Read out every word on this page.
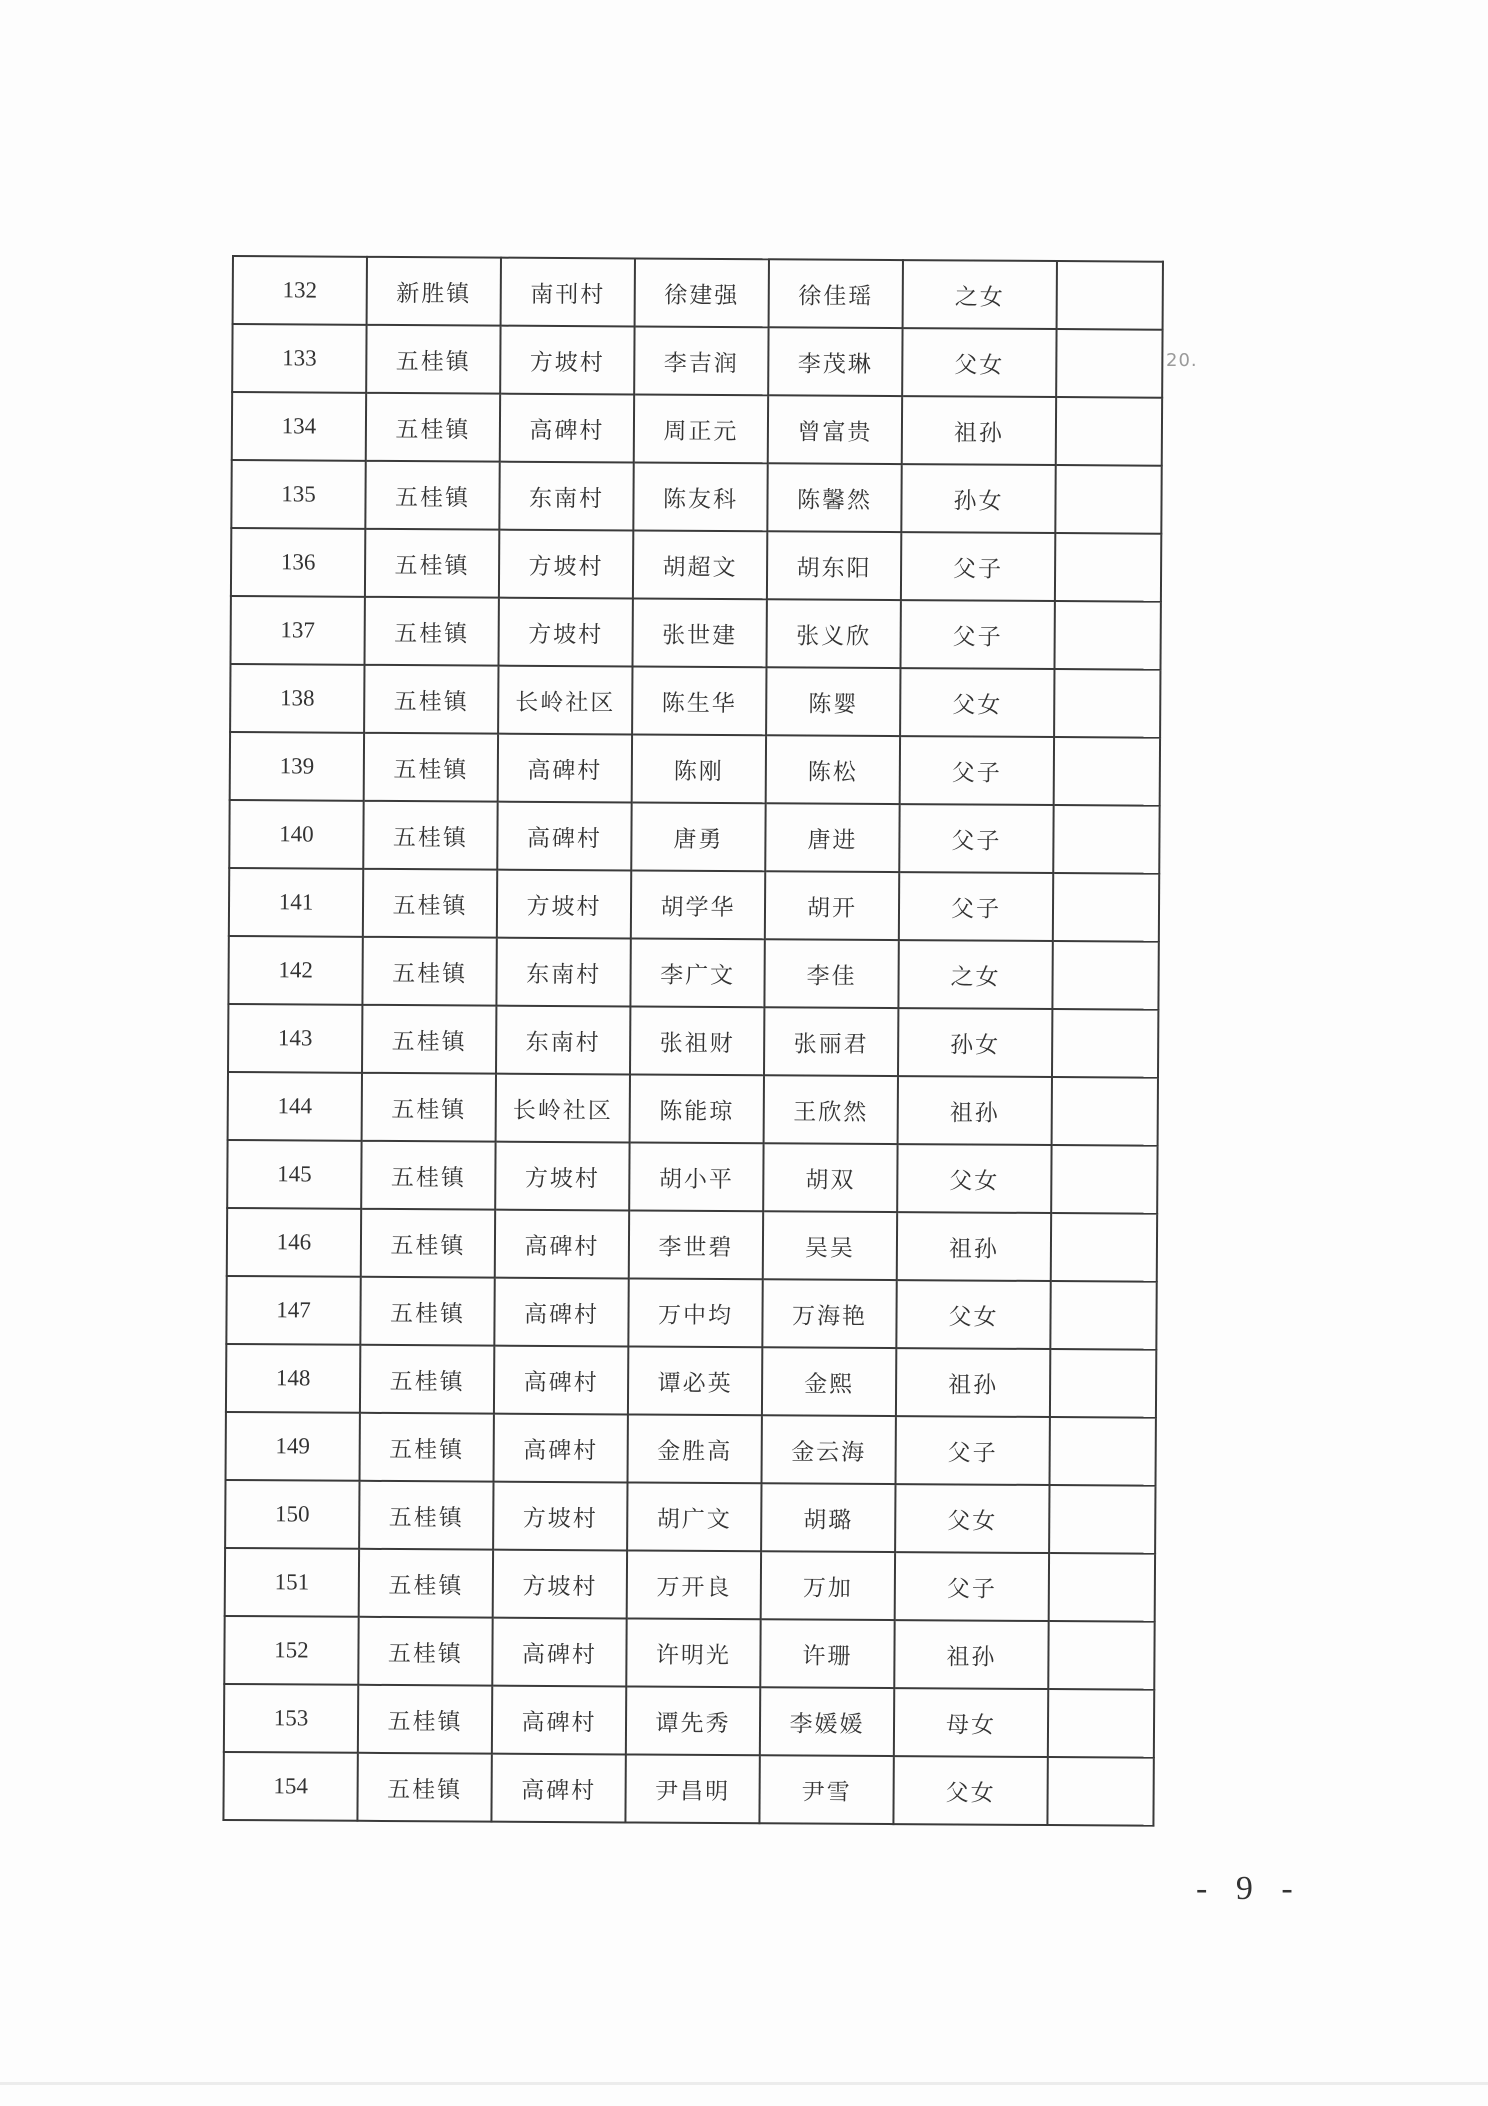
132	新胜镇	南刊村	徐建强	徐佳瑶	之女	
133	五桂镇	方坡村	李吉润	李茂琳	父女	
134	五桂镇	高碑村	周正元	曾富贵	祖孙	
135	五桂镇	东南村	陈友科	陈馨然	孙女	
136	五桂镇	方坡村	胡超文	胡东阳	父子	
137	五桂镇	方坡村	张世建	张义欣	父子	
138	五桂镇	长岭社区	陈生华	陈婴	父女	
139	五桂镇	高碑村	陈刚	陈松	父子	
140	五桂镇	高碑村	唐勇	唐进	父子	
141	五桂镇	方坡村	胡学华	胡开	父子	
142	五桂镇	东南村	李广文	李佳	之女	
143	五桂镇	东南村	张祖财	张丽君	孙女	
144	五桂镇	长岭社区	陈能琼	王欣然	祖孙	
145	五桂镇	方坡村	胡小平	胡双	父女	
146	五桂镇	高碑村	李世碧	吴吴	祖孙	
147	五桂镇	高碑村	万中均	万海艳	父女	
148	五桂镇	高碑村	谭必英	金熙	祖孙	
149	五桂镇	高碑村	金胜高	金云海	父子	
150	五桂镇	方坡村	胡广文	胡璐	父女	
151	五桂镇	方坡村	万开良	万加	父子	
152	五桂镇	高碑村	许明光	许珊	祖孙	
153	五桂镇	高碑村	谭先秀	李媛媛	母女	
154	五桂镇	高碑村	尹昌明	尹雪	父女	
20.
- 9 -
